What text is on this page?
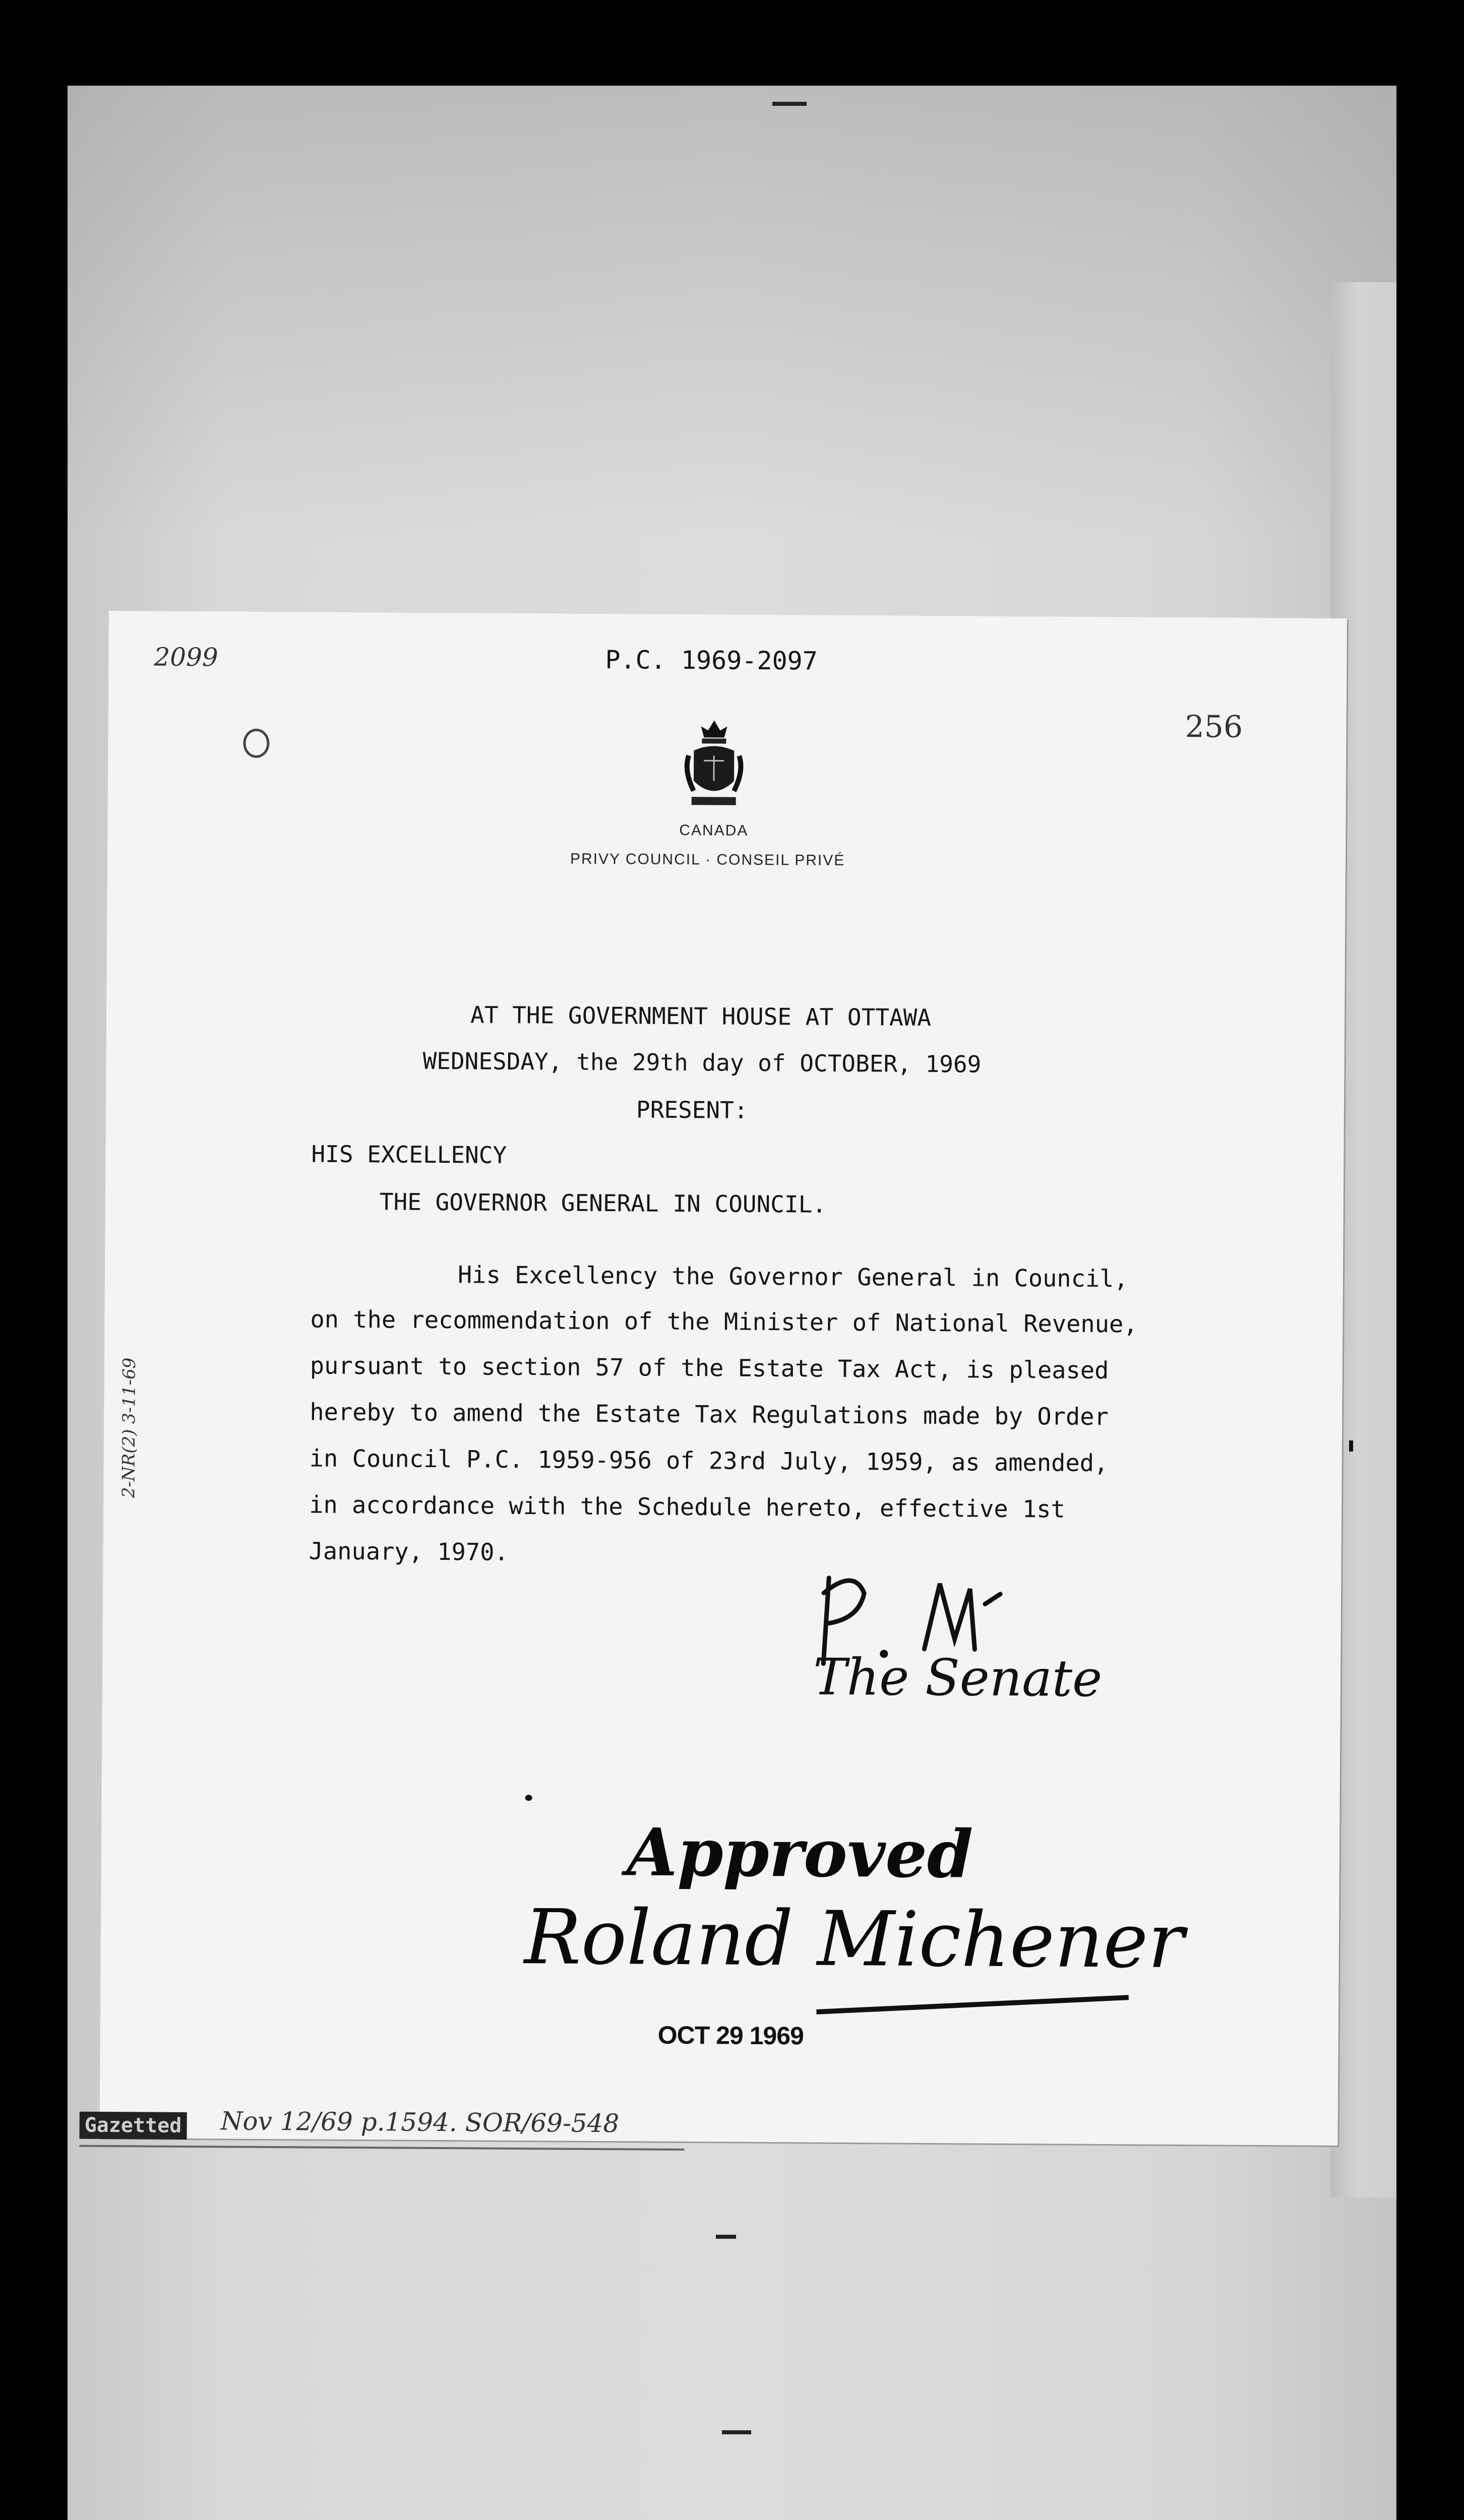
2099	P.C. 1969-2097
256
CANADA
PRIVY COUNCIL · CONSEIL PRIVÉ
AT THE GOVERNMENT HOUSE AT OTTAWA
WEDNESDAY, the 29th day of OCTOBER, 1969
PRESENT:
HIS EXCELLENCY
THE GOVERNOR GENERAL IN COUNCIL.
His Excellency the Governor General in Council,
on the recommendation of the Minister of National Revenue,
pursuant to section 57 of the Estate Tax Act, is pleased
hereby to amend the Estate Tax Regulations made by Order
in Council P.C. 1959-956 of 23rd July, 1959, as amended,
in accordance with the Schedule hereto, effective 1st
January, 1970.
2-NR(2) 3-11-69
The Senate
Approved
Roland Michener
OCT 29 1969
Gazetted Nov 12/69 p.1594. SOR/69-548
